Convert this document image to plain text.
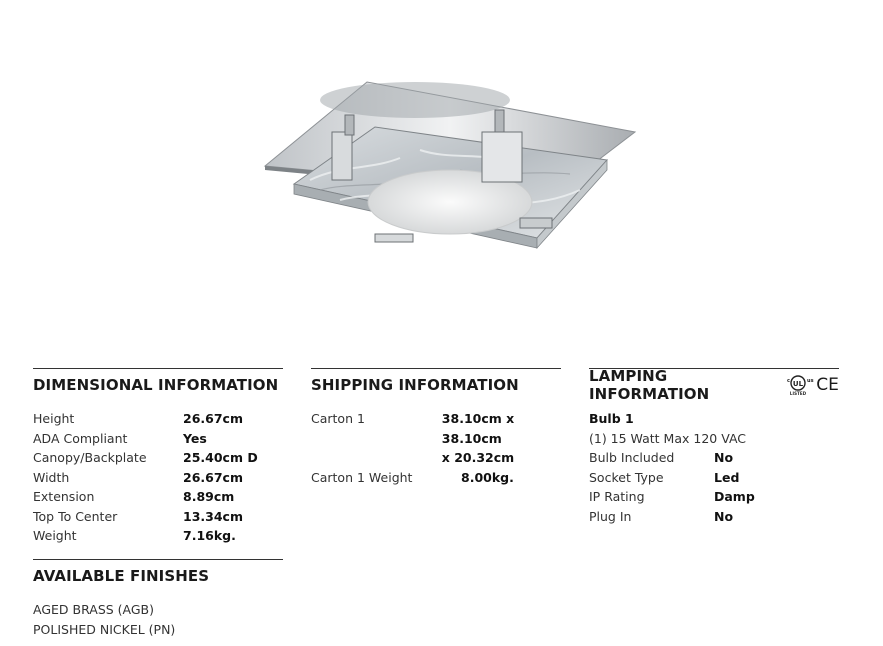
DIMENSIONAL INFORMATION
Height	26.67cm
ADA Compliant	Yes
Canopy/Backplate	25.40cm D
Width	26.67cm
Extension	8.89cm
Top To Center	13.34cm
Weight	7.16kg.
AVAILABLE FINISHES
AGED BRASS (AGB)
POLISHED NICKEL (PN)
SHIPPING INFORMATION
Carton 1	38.10cm x 38.10cm
x 20.32cm
Carton 1 Weight	8.00kg.
LAMPING INFORMATION
UL
c	us
LISTED CE
Bulb 1
(1) 15 Watt Max 120 VAC
Bulb Included	No
Socket Type	Led
IP Rating	Damp
Plug In	No
